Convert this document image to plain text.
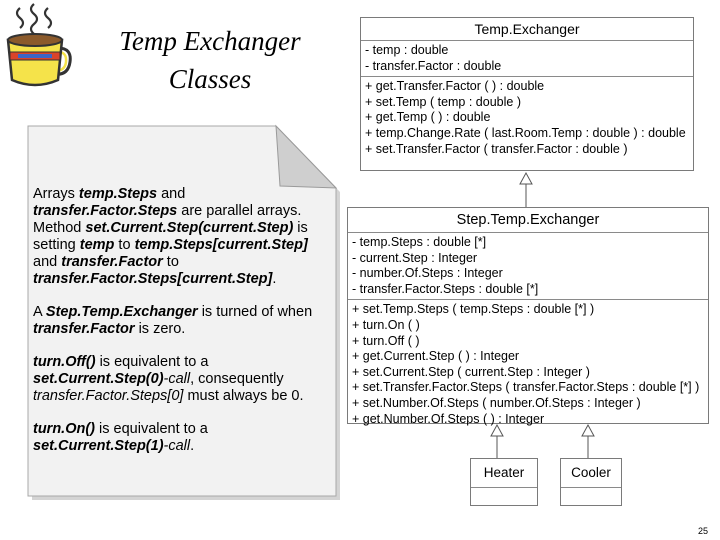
Temp Exchanger
Classes

Arrays temp.Steps and transfer.Factor.Steps are parallel arrays. Method set.Current.Step(current.Step) is setting temp to temp.Steps[current.Step] and transfer.Factor to transfer.Factor.Steps[current.Step].

A Step.Temp.Exchanger is turned of when transfer.Factor is zero.

turn.Off() is equivalent to a set.Current.Step(0)-call, consequently transfer.Factor.Steps[0] must always be 0.

turn.On() is equivalent to a set.Current.Step(1)-call.

Temp.Exchanger
- temp : double
- transfer.Factor : double
+ get.Transfer.Factor ( ) : double
+ set.Temp ( temp : double )
+ get.Temp ( ) : double
+ temp.Change.Rate ( last.Room.Temp : double ) : double
+ set.Transfer.Factor ( transfer.Factor : double )
Step.Temp.Exchanger
- temp.Steps : double [*]
- current.Step : Integer
- number.Of.Steps : Integer
- transfer.Factor.Steps : double [*]
+ set.Temp.Steps ( temp.Steps : double [*] )
+ turn.On ( )
+ turn.Off ( )
+ get.Current.Step ( ) : Integer
+ set.Current.Step ( current.Step : Integer )
+ set.Transfer.Factor.Steps ( transfer.Factor.Steps : double [*] )
+ set.Number.Of.Steps ( number.Of.Steps : Integer )
+ get.Number.Of.Steps ( ) : Integer
Heater	Cooler
25
